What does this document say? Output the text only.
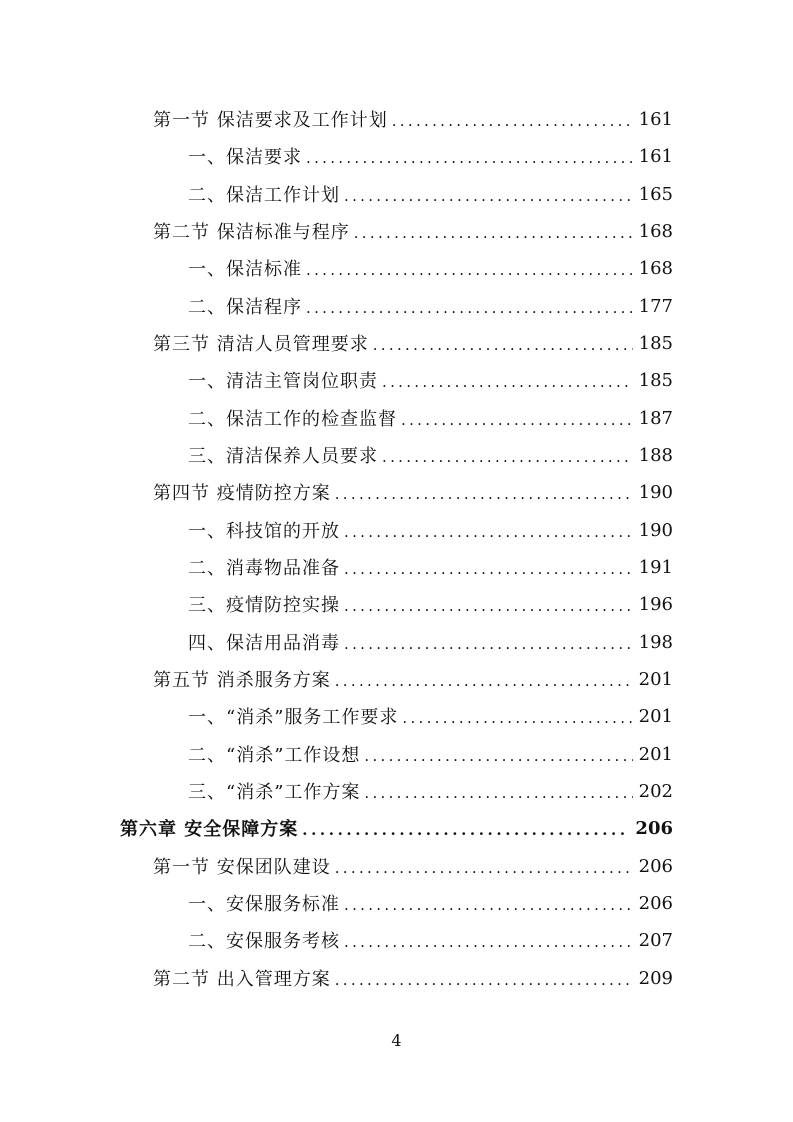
第一节 保洁要求及工作计划 .....	161
一、保洁要求 .....	161
二、保洁工作计划 .....	165
第二节 保洁标准与程序 .....	168
一、保洁标准 .....	168
二、保洁程序 .....	177
第三节 清洁人员管理要求 .....	185
一、清洁主管岗位职责 .....	185
二、保洁工作的检查监督 .....	187
三、清洁保养人员要求 .....	188
第四节 疫情防控方案 .....	190
一、科技馆的开放 .....	190
二、消毒物品准备 .....	191
三、疫情防控实操 .....	196
四、保洁用品消毒 .....	198
第五节 消杀服务方案 .....	201
一、“消杀”服务工作要求 .....	201
二、“消杀”工作设想 .....	201
三、“消杀”工作方案 .....	202
第六章 安全保障方案 .....	206
第一节 安保团队建设 .....	206
一、安保服务标准 .....	206
二、安保服务考核 .....	207
第二节 出入管理方案 .....	209
4
